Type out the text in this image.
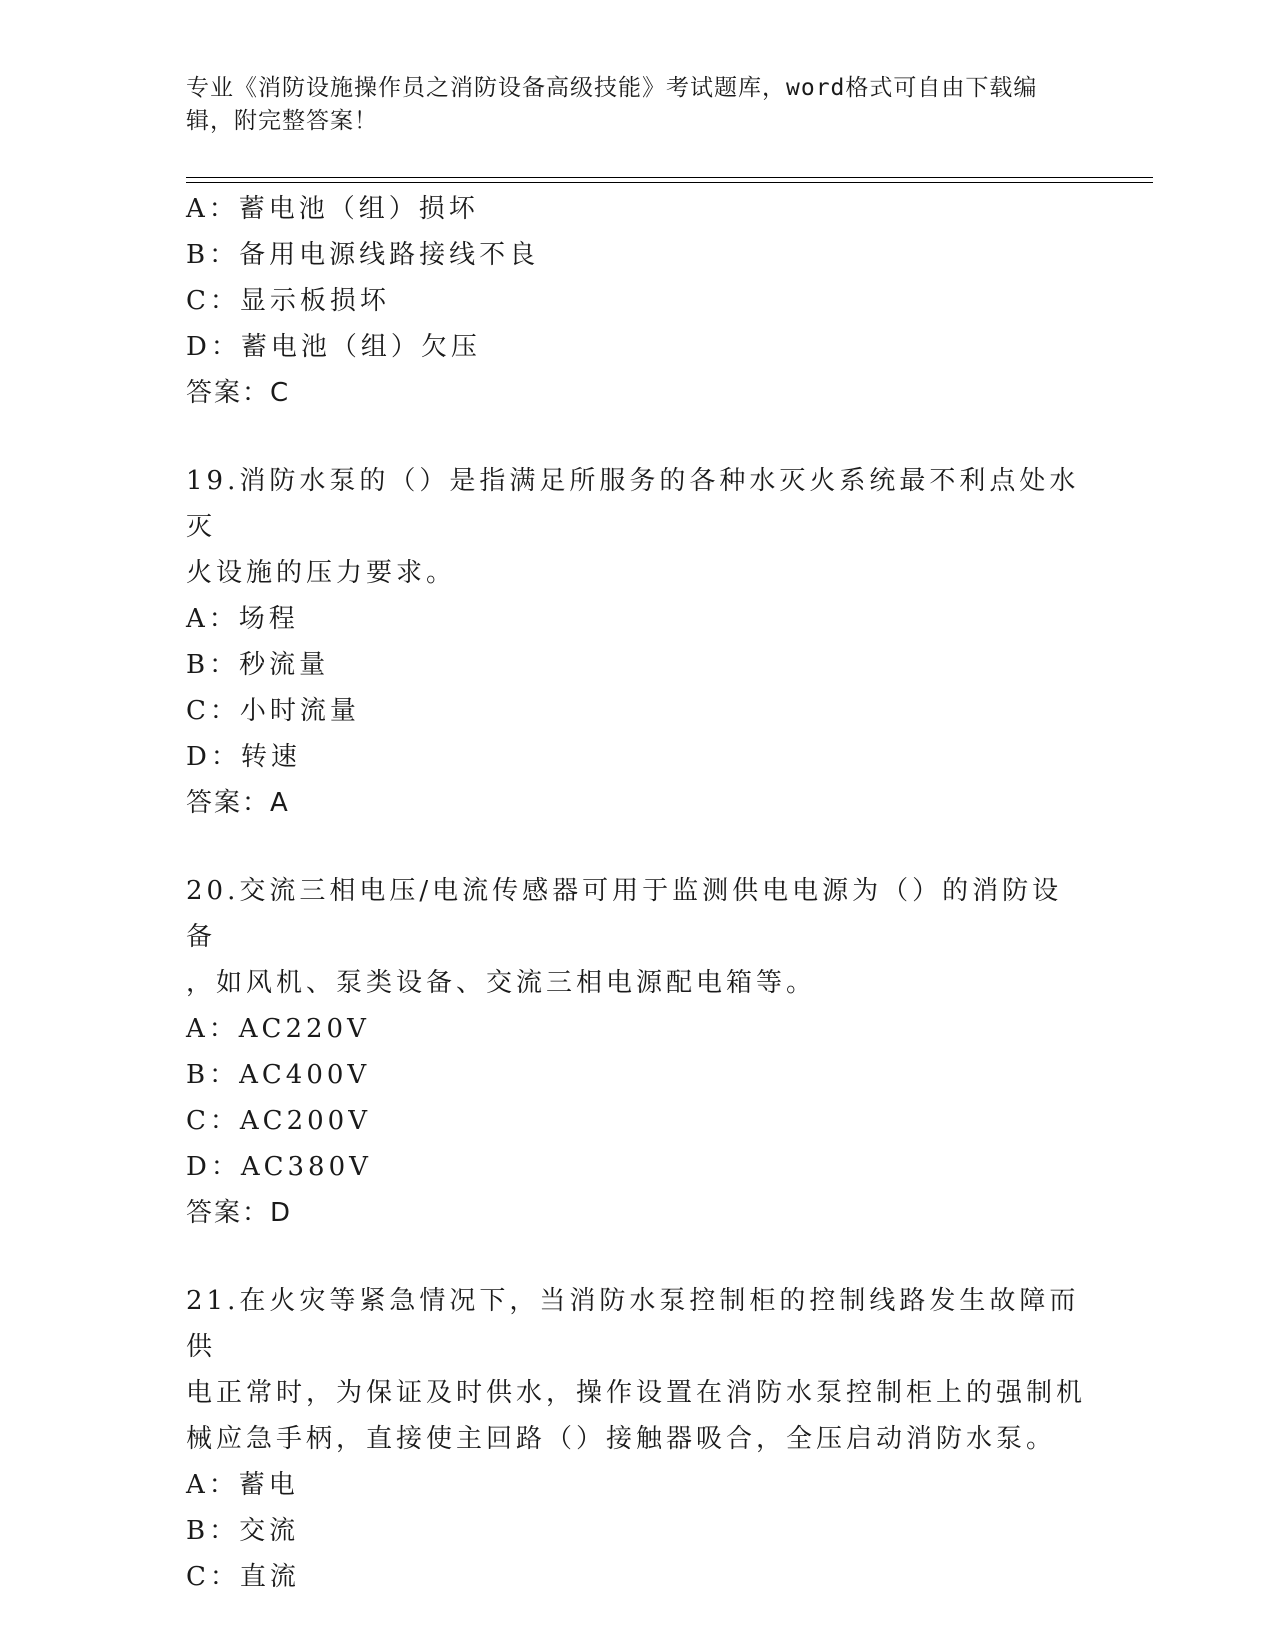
专业《消防设施操作员之消防设备高级技能》考试题库，word格式可自由下载编
辑，附完整答案！
A：蓄电池（组）损坏
B：备用电源线路接线不良
C：显示板损坏
D：蓄电池（组）欠压
答案：C
19.消防水泵的（）是指满足所服务的各种水灭火系统最不利点处水灭
火设施的压力要求。
A：场程
B：秒流量
C：小时流量
D：转速
答案：A
20.交流三相电压/电流传感器可用于监测供电电源为（）的消防设备
，如风机、泵类设备、交流三相电源配电箱等。
A：AC220V
B：AC400V
C：AC200V
D：AC380V
答案：D
21.在火灾等紧急情况下，当消防水泵控制柜的控制线路发生故障而供
电正常时，为保证及时供水，操作设置在消防水泵控制柜上的强制机
械应急手柄，直接使主回路（）接触器吸合，全压启动消防水泵。
A：蓄电
B：交流
C：直流
